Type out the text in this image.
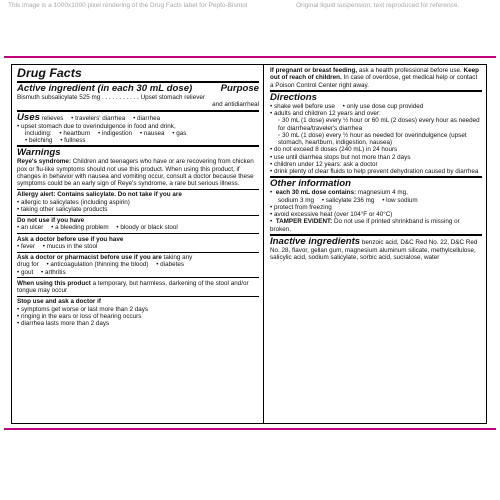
This image is a 1000x1000 pixel rendering of the Drug Facts label for Pepto-Bismol	Original liquid suspension; text reproduced for reference.
Drug Facts
Active ingredient (in each 30 mL dose)	Purpose
Bismuth subsalicylate 525 mg . . . . . . . . . . . Upset stomach reliever
and antidiarrheal
Uses relieves • travelers' diarrhea • diarrhea
• upset stomach due to overindulgence in food and drink,
including: • heartburn • indigestion • nausea • gas
• belching • fullness
Warnings
Reye's syndrome: Children and teenagers who have or are recovering from chicken pox or flu-like symptoms should not use this product. When using this product, if changes in behavior with nausea and vomiting occur, consult a doctor because these symptoms could be an early sign of Reye's syndrome, a rare but serious illness.
Allergy alert: Contains salicylate. Do not take if you are
• allergic to salicylates (including aspirin)
• taking other salicylate products
Do not use if you have
• an ulcer • a bleeding problem • bloody or black stool
Ask a doctor before use if you have
• fever • mucus in the stool
Ask a doctor or pharmacist before use if you are taking any
drug for • anticoagulation (thinning the blood) • diabetes
• gout • arthritis
When using this product a temporary, but harmless, darkening of the stool and/or tongue may occur
Stop use and ask a doctor if
• symptoms get worse or last more than 2 days
• ringing in the ears or loss of hearing occurs
• diarrhea lasts more than 2 days
If pregnant or breast feeding, ask a health professional before use. Keep out of reach of children. In case of overdose, get medical help or contact a Poison Control Center right away.
Directions
• shake well before use • only use dose cup provided
• adults and children 12 years and over:
◦ 30 mL (1 dose) every ½ hour or 60 mL (2 doses) every hour as needed for diarrhea/traveler's diarrhea
◦ 30 mL (1 dose) every ½ hour as needed for overindulgence (upset stomach, heartburn, indigestion, nausea)
• do not exceed 8 doses (240 mL) in 24 hours
• use until diarrhea stops but not more than 2 days
• children under 12 years: ask a doctor
• drink plenty of clear fluids to help prevent dehydration caused by diarrhea
Other information
• each 30 mL dose contains: magnesium 4 mg,
sodium 3 mg • salicylate 236 mg • low sodium
• protect from freezing
• avoid excessive heat (over 104°F or 40°C)
• TAMPER EVIDENT: Do not use if printed shrinkband is missing or broken.
Inactive ingredients benzoic acid, D&C Red No. 22, D&C Red No. 28, flavor, gellan gum, magnesium aluminum silicate, methylcellulose, salicylic acid, sodium salicylate, sorbic acid, sucralose, water
